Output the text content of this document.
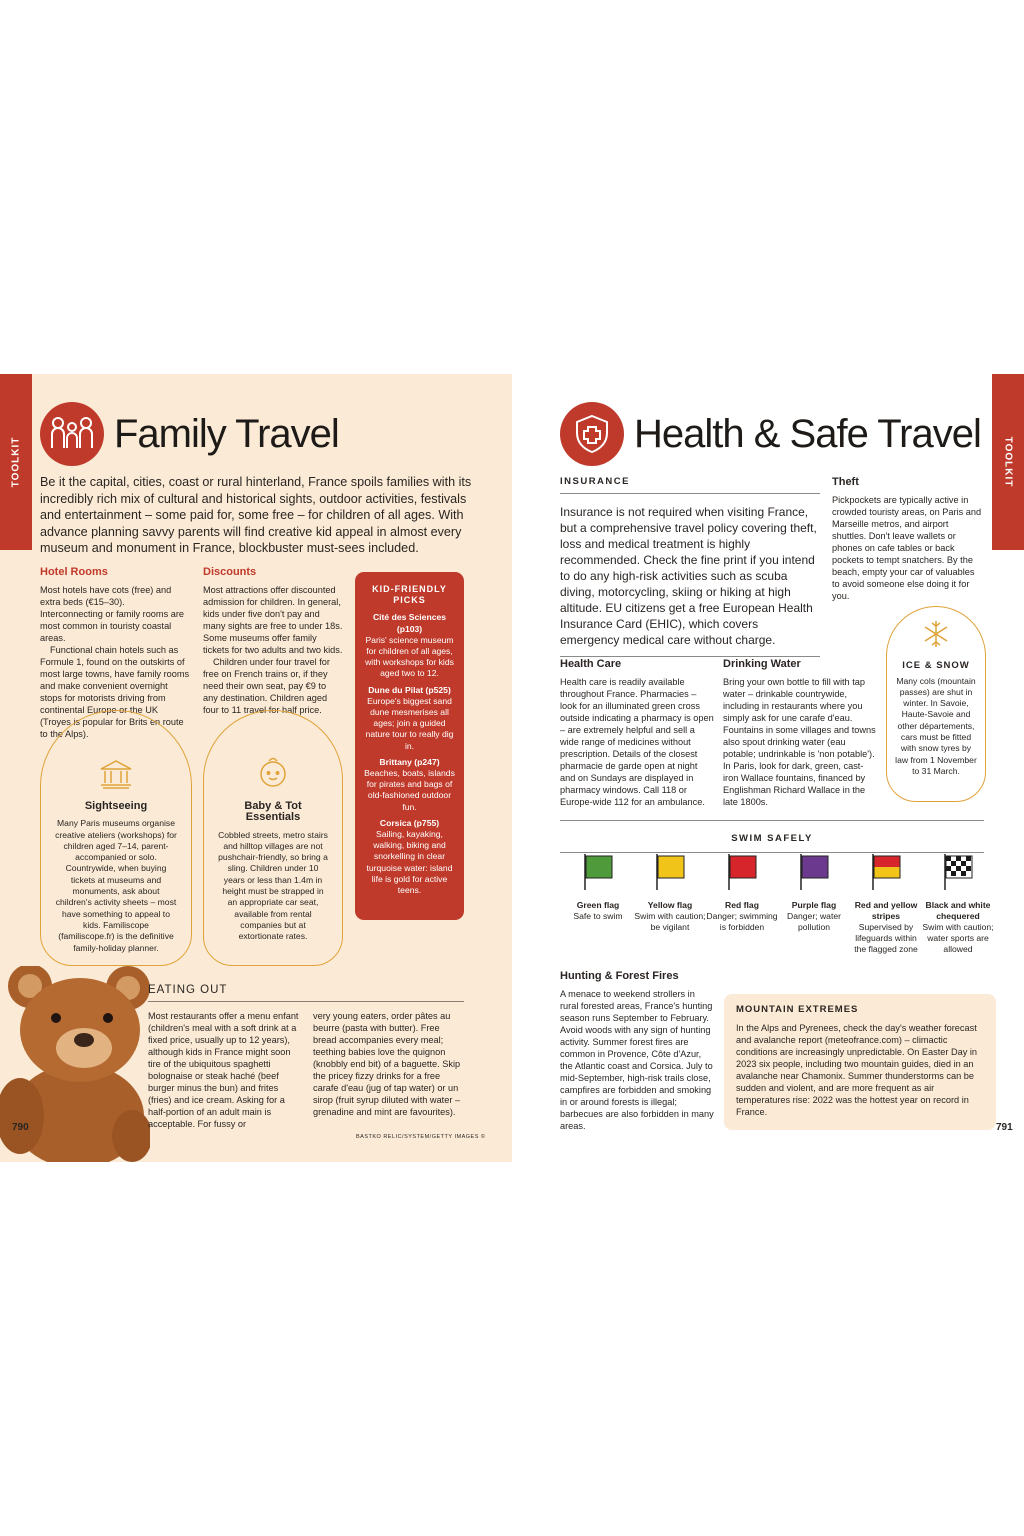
TOOLKIT
Family Travel

Be it the capital, cities, coast or rural hinterland, France spoils families with its incredibly rich mix of cultural and historical sights, outdoor activities, festivals and entertainment – some paid for, some free – for children of all ages. With advance planning savvy parents will find creative kid appeal in almost every museum and monument in France, blockbuster must-sees included.

Hotel Rooms

Most hotels have cots (free) and extra beds (€15–30). Interconnecting or family rooms are most common in touristy coastal areas.

Functional chain hotels such as Formule 1, found on the outskirts of most large towns, have family rooms and make convenient overnight stops for motorists driving from continental Europe or the UK (Troyes is popular for Brits en route to the Alps).

Discounts

Most attractions offer discounted admission for children. In general, kids under five don't pay and many sights are free to under 18s. Some museums offer family tickets for two adults and two kids.

Children under four travel for free on French trains or, if they need their own seat, pay €9 to any destination. Children aged four to 11 travel for half price.

KID-FRIENDLY PICKS
Cité des Sciences
(p103)
Paris' science museum for children of all ages, with workshops for kids aged two to 12.
Dune du Pilat (p525)
Europe's biggest sand dune mesmerises all ages; join a guided nature tour to really dig in.
Brittany (p247)
Beaches, boats, islands for pirates and bags of old-fashioned outdoor fun.
Corsica (p755)
Sailing, kayaking, walking, biking and snorkelling in clear turquoise water: island life is gold for active teens.
Sightseeing

Many Paris museums organise creative ateliers (workshops) for children aged 7–14, parent-accompanied or solo. Countrywide, when buying tickets at museums and monuments, ask about children's activity sheets – most have something to appeal to kids. Familiscope (familiscope.fr) is the definitive family-holiday planner.

Baby & Tot Essentials

Cobbled streets, metro stairs and hilltop villages are not pushchair-friendly, so bring a sling. Children under 10 years or less than 1.4m in height must be strapped in an appropriate car seat, available from rental companies but at extortionate rates.

EATING OUT

Most restaurants offer a menu enfant (children's meal with a soft drink at a fixed price, usually up to 12 years), although kids in France might soon tire of the ubiquitous spaghetti bolognaise or steak haché (beef burger minus the bun) and frites (fries) and ice cream. Asking for a half-portion of an adult main is acceptable. For fussy or

very young eaters, order pâtes au beurre (pasta with butter). Free bread accompanies every meal; teething babies love the quignon (knobbly end bit) of a baguette. Skip the pricey fizzy drinks for a free carafe d'eau (jug of tap water) or un sirop (fruit syrup diluted with water – grenadine and mint are favourites).

BASTKO RELIC/SYSTEM/GETTY IMAGES ©
790
TOOLKIT
Health & Safe Travel
INSURANCE

Insurance is not required when visiting France, but a comprehensive travel policy covering theft, loss and medical treatment is highly recommended. Check the fine print if you intend to do any high-risk activities such as scuba diving, motorcycling, skiing or hiking at high altitude. EU citizens get a free European Health Insurance Card (EHIC), which covers emergency medical care without charge.

Theft

Pickpockets are typically active in crowded touristy areas, on Paris and Marseille metros, and airport shuttles. Don't leave wallets or phones on cafe tables or back pockets to tempt snatchers. By the beach, empty your car of valuables to avoid someone else doing it for you.

Health Care

Health care is readily available throughout France. Pharmacies – look for an illuminated green cross outside indicating a pharmacy is open – are extremely helpful and sell a wide range of medicines without prescription. Details of the closest pharmacie de garde open at night and on Sundays are displayed in pharmacy windows. Call 118 or Europe-wide 112 for an ambulance.

Drinking Water

Bring your own bottle to fill with tap water – drinkable countrywide, including in restaurants where you simply ask for une carafe d'eau. Fountains in some villages and towns also spout drinking water (eau potable; undrinkable is 'non potable'). In Paris, look for dark, green, cast-iron Wallace fountains, financed by Englishman Richard Wallace in the late 1800s.

ICE & SNOW

Many cols (mountain passes) are shut in winter. In Savoie, Haute-Savoie and other départements, cars must be fitted with snow tyres by law from 1 November to 31 March.

SWIM SAFELY
Green flag
Safe to swim
Yellow flag
Swim with caution; be vigilant
Red flag
Danger; swimming is forbidden
Purple flag
Danger; water pollution
Red and yellow stripes
Supervised by lifeguards within the flagged zone
Black and white chequered
Swim with caution; water sports are allowed
Hunting & Forest Fires

A menace to weekend strollers in rural forested areas, France's hunting season runs September to February. Avoid woods with any sign of hunting activity. Summer forest fires are common in Provence, Côte d'Azur, the Atlantic coast and Corsica. July to mid-September, high-risk trails close, campfires are forbidden and smoking in or around forests is illegal; barbecues are also forbidden in many areas.

MOUNTAIN EXTREMES

In the Alps and Pyrenees, check the day's weather forecast and avalanche report (meteofrance.com) – climactic conditions are increasingly unpredictable. On Easter Day in 2023 six people, including two mountain guides, died in an avalanche near Chamonix. Summer thunderstorms can be sudden and violent, and are more frequent as air temperatures rise: 2022 was the hottest year on record in France.

791
